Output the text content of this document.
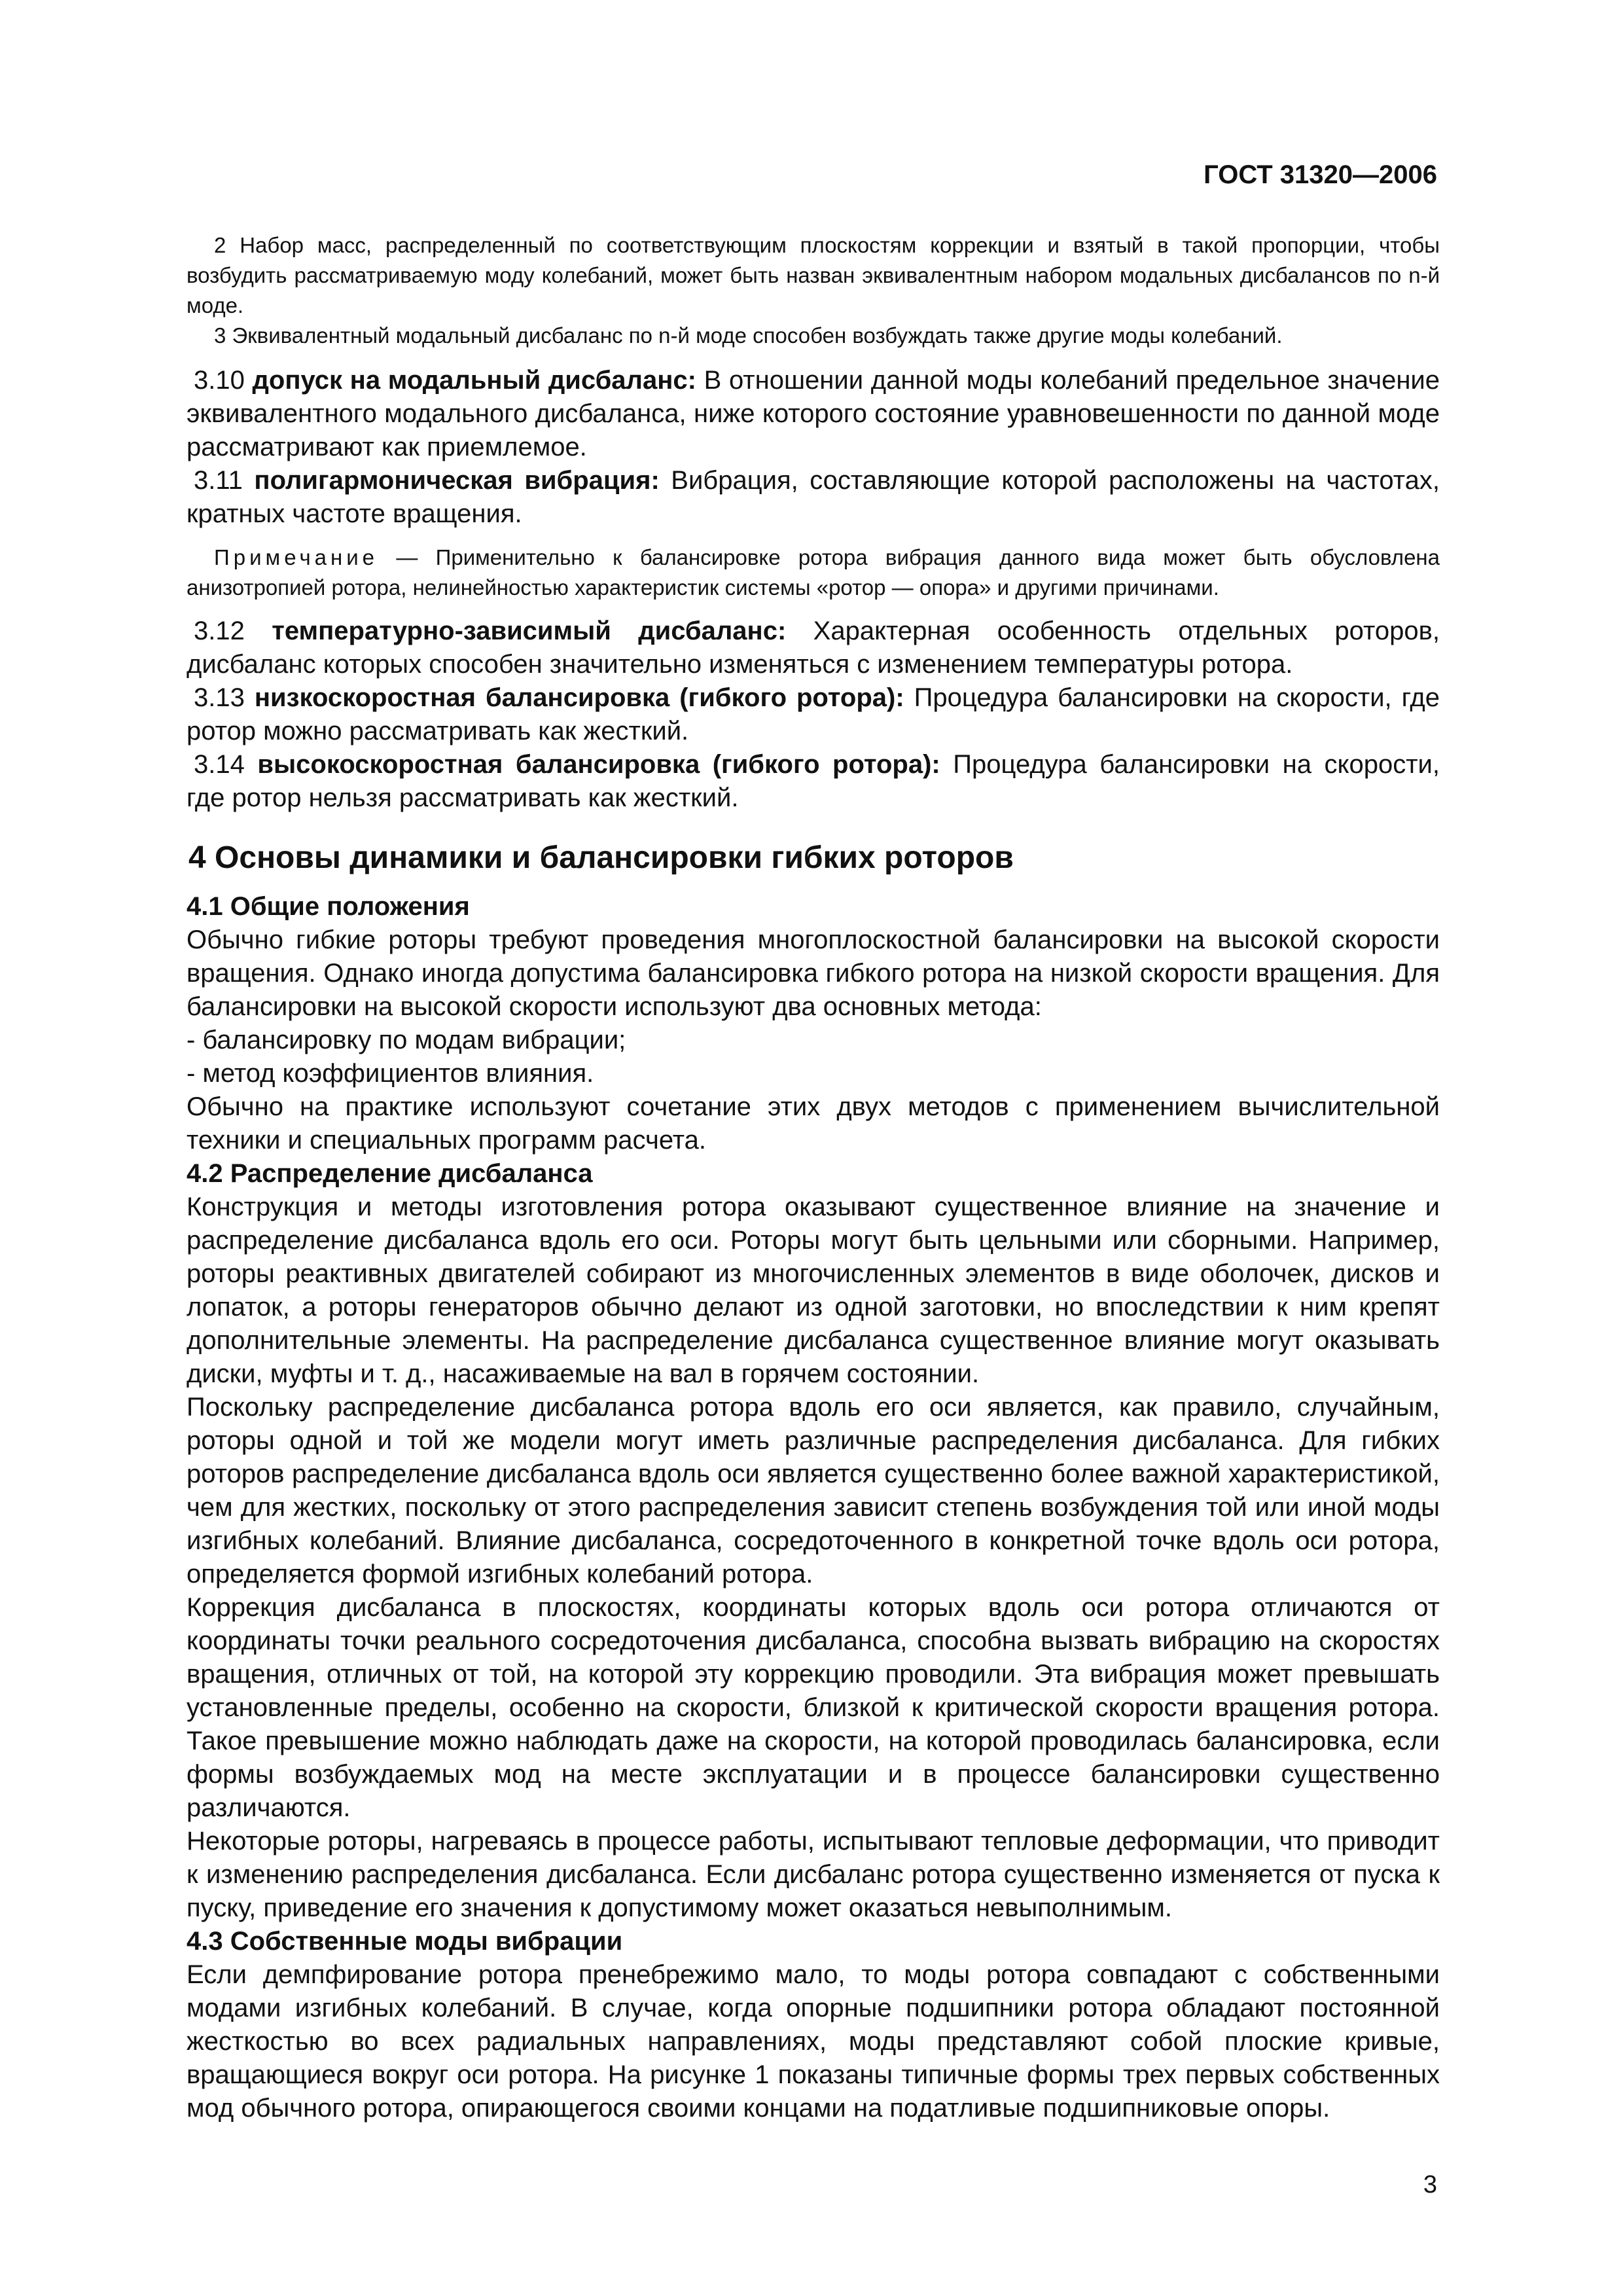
ГОСТ 31320—2006

2 Набор масс, распределенный по соответствующим плоскостям коррекции и взятый в такой пропорции, чтобы возбудить рассматриваемую моду колебаний, может быть назван эквивалентным набором модальных дисбалансов по n-й моде.

3 Эквивалентный модальный дисбаланс по n-й моде способен возбуждать также другие моды колебаний.

3.10 допуск на модальный дисбаланс: В отношении данной моды колебаний предельное значение эквивалентного модального дисбаланса, ниже которого состояние уравновешенности по данной моде рассматривают как приемлемое.

3.11 полигармоническая вибрация: Вибрация, составляющие которой расположены на частотах, кратных частоте вращения.

Примечание — Применительно к балансировке ротора вибрация данного вида может быть обусловлена анизотропией ротора, нелинейностью характеристик системы «ротор — опора» и другими причинами.

3.12 температурно-зависимый дисбаланс: Характерная особенность отдельных роторов, дисбаланс которых способен значительно изменяться с изменением температуры ротора.

3.13 низкоскоростная балансировка (гибкого ротора): Процедура балансировки на скорости, где ротор можно рассматривать как жесткий.

3.14 высокоскоростная балансировка (гибкого ротора): Процедура балансировки на скорости, где ротор нельзя рассматривать как жесткий.

4 Основы динамики и балансировки гибких роторов
4.1 Общие положения

Обычно гибкие роторы требуют проведения многоплоскостной балансировки на высокой скорости вращения. Однако иногда допустима балансировка гибкого ротора на низкой скорости вращения. Для балансировки на высокой скорости используют два основных метода:

- балансировку по модам вибрации;
- метод коэффициентов влияния.

Обычно на практике используют сочетание этих двух методов с применением вычислительной техники и специальных программ расчета.

4.2 Распределение дисбаланса

Конструкция и методы изготовления ротора оказывают существенное влияние на значение и распределение дисбаланса вдоль его оси. Роторы могут быть цельными или сборными. Например, роторы реактивных двигателей собирают из многочисленных элементов в виде оболочек, дисков и лопаток, а роторы генераторов обычно делают из одной заготовки, но впоследствии к ним крепят дополнительные элементы. На распределение дисбаланса существенное влияние могут оказывать диски, муфты и т. д., насаживаемые на вал в горячем состоянии.

Поскольку распределение дисбаланса ротора вдоль его оси является, как правило, случайным, роторы одной и той же модели могут иметь различные распределения дисбаланса. Для гибких роторов распределение дисбаланса вдоль оси является существенно более важной характеристикой, чем для жестких, поскольку от этого распределения зависит степень возбуждения той или иной моды изгибных колебаний. Влияние дисбаланса, сосредоточенного в конкретной точке вдоль оси ротора, определяется формой изгибных колебаний ротора.

Коррекция дисбаланса в плоскостях, координаты которых вдоль оси ротора отличаются от координаты точки реального сосредоточения дисбаланса, способна вызвать вибрацию на скоростях вращения, отличных от той, на которой эту коррекцию проводили. Эта вибрация может превышать установленные пределы, особенно на скорости, близкой к критической скорости вращения ротора. Такое превышение можно наблюдать даже на скорости, на которой проводилась балансировка, если формы возбуждаемых мод на месте эксплуатации и в процессе балансировки существенно различаются.

Некоторые роторы, нагреваясь в процессе работы, испытывают тепловые деформации, что приводит к изменению распределения дисбаланса. Если дисбаланс ротора существенно изменяется от пуска к пуску, приведение его значения к допустимому может оказаться невыполнимым.

4.3 Собственные моды вибрации

Если демпфирование ротора пренебрежимо мало, то моды ротора совпадают с собственными модами изгибных колебаний. В случае, когда опорные подшипники ротора обладают постоянной жесткостью во всех радиальных направлениях, моды представляют собой плоские кривые, вращающиеся вокруг оси ротора. На рисунке 1 показаны типичные формы трех первых собственных мод обычного ротора, опирающегося своими концами на податливые подшипниковые опоры.

3
